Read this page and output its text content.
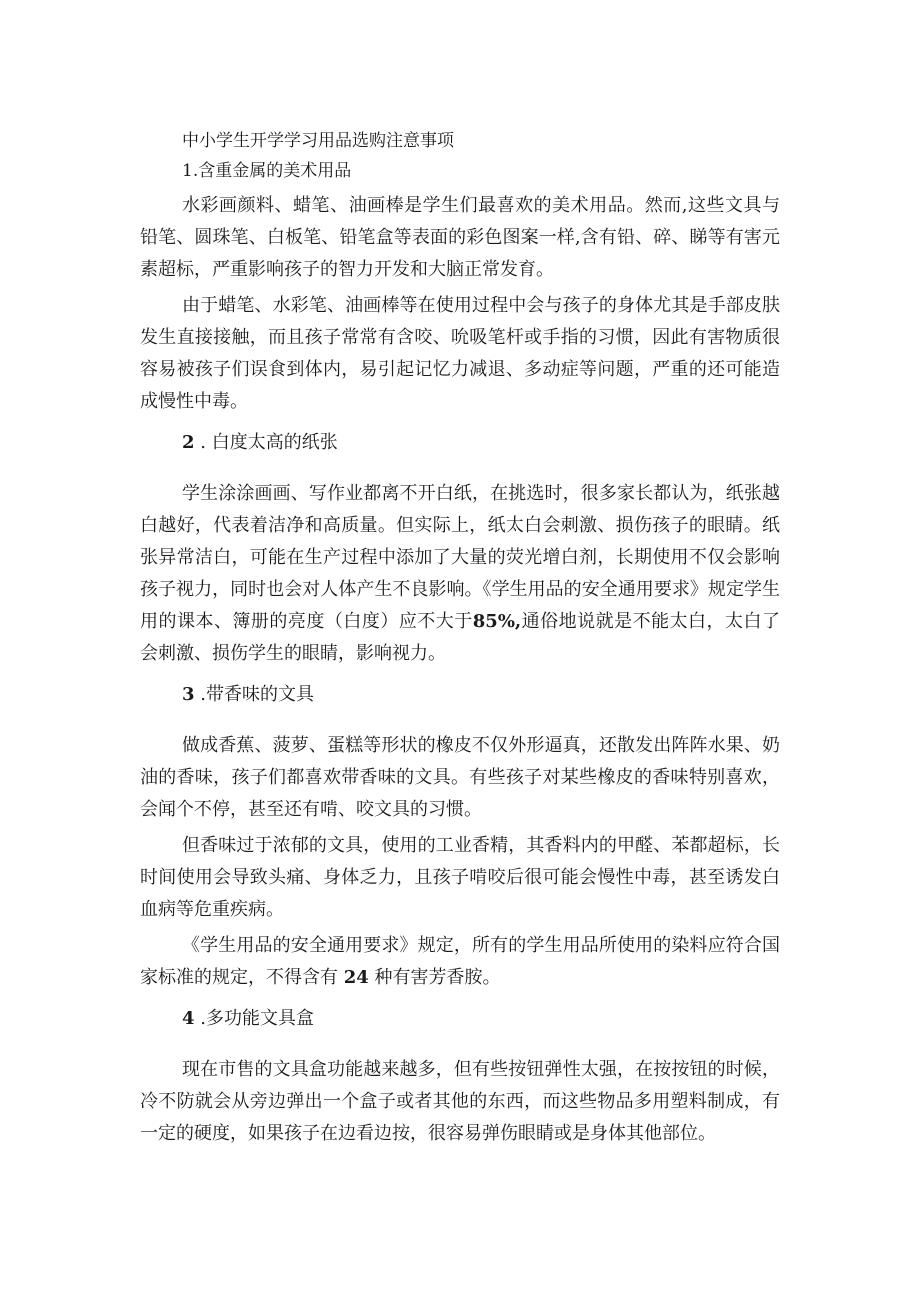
中小学生开学学习用品选购注意事项
1.含重金属的美术用品

水彩画颜料、蜡笔、油画棒是学生们最喜欢的美术用品。然而,这些文具与铅笔、圆珠笔、白板笔、铅笔盒等表面的彩色图案一样,含有铅、碎、睇等有害元素超标，严重影响孩子的智力开发和大脑正常发育。

由于蜡笔、水彩笔、油画棒等在使用过程中会与孩子的身体尤其是手部皮肤发生直接接触，而且孩子常常有含咬、吮吸笔杆或手指的习惯，因此有害物质很容易被孩子们误食到体内，易引起记忆力减退、多动症等问题，严重的还可能造成慢性中毒。

2 . 白度太高的纸张

学生涂涂画画、写作业都离不开白纸，在挑选时，很多家长都认为，纸张越白越好，代表着洁净和高质量。但实际上，纸太白会刺激、损伤孩子的眼睛。纸张异常洁白，可能在生产过程中添加了大量的荧光增白剂，长期使用不仅会影响孩子视力，同时也会对人体产生不良影响。《学生用品的安全通用要求》规定学生用的课本、簿册的亮度（白度）应不大于85%,通俗地说就是不能太白，太白了会刺激、损伤学生的眼睛，影响视力。

3 .带香味的文具

做成香蕉、菠萝、蛋糕等形状的橡皮不仅外形逼真，还散发出阵阵水果、奶油的香味，孩子们都喜欢带香味的文具。有些孩子对某些橡皮的香味特别喜欢，会闻个不停，甚至还有啃、咬文具的习惯。

但香味过于浓郁的文具，使用的工业香精，其香料内的甲醛、苯都超标，长时间使用会导致头痛、身体乏力，且孩子啃咬后很可能会慢性中毒，甚至诱发白血病等危重疾病。

《学生用品的安全通用要求》规定，所有的学生用品所使用的染料应符合国家标准的规定，不得含有 24 种有害芳香胺。

4 .多功能文具盒

现在市售的文具盒功能越来越多，但有些按钮弹性太强，在按按钮的时候，冷不防就会从旁边弹出一个盒子或者其他的东西，而这些物品多用塑料制成，有一定的硬度，如果孩子在边看边按，很容易弹伤眼睛或是身体其他部位。
